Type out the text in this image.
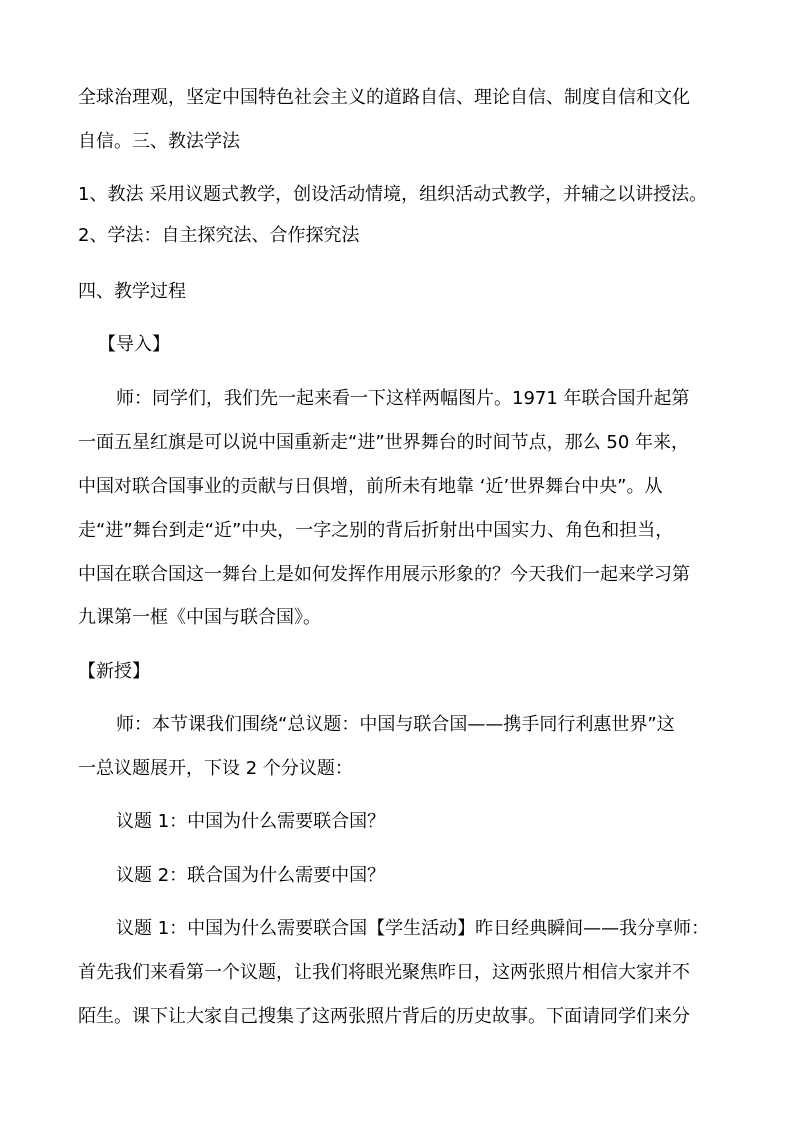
全球治理观，坚定中国特色社会主义的道路自信、理论自信、制度自信和文化
自信。三、教法学法
1、教法 采用议题式教学，创设活动情境，组织活动式教学，并辅之以讲授法。
2、学法：自主探究法、合作探究法
四、教学过程
【导入】
师：同学们，我们先一起来看一下这样两幅图片。1971 年联合国升起第
一面五星红旗是可以说中国重新走“进”世界舞台的时间节点，那么 50 年来，
中国对联合国事业的贡献与日俱增，前所未有地靠 ‘近’世界舞台中央”。从
走“进”舞台到走“近”中央，一字之别的背后折射出中国实力、角色和担当，
中国在联合国这一舞台上是如何发挥作用展示形象的？今天我们一起来学习第
九课第一框《中国与联合国》。
【新授】
师：本节课我们围绕“总议题：中国与联合国——携手同行利惠世界”这
一总议题展开，下设 2 个分议题：
议题 1：中国为什么需要联合国？
议题 2：联合国为什么需要中国？
议题 1：中国为什么需要联合国【学生活动】昨日经典瞬间——我分享师：
首先我们来看第一个议题，让我们将眼光聚焦昨日，这两张照片相信大家并不
陌生。课下让大家自己搜集了这两张照片背后的历史故事。下面请同学们来分
